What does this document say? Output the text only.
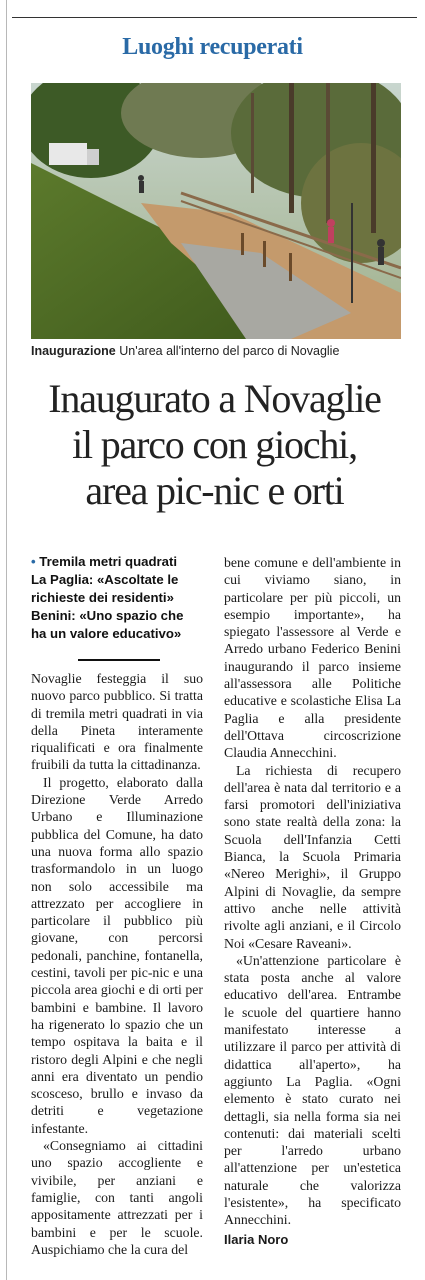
Luoghi recuperati
Inaugurazione Un'area all'interno del parco di Novaglie
Inaugurato a Novaglie
il parco con giochi,
area pic-nic e orti
• Tremila metri quadrati
La Paglia: «Ascoltate le richieste dei residenti»
Benini: «Uno spazio che ha un valore educativo»

Novaglie festeggia il suo nuovo parco pubblico. Si tratta di tremila metri quadrati in via della Pineta interamente riqualificati e ora finalmente fruibili da tutta la cittadinanza.

Il progetto, elaborato dalla Direzione Verde Arredo Urbano e Illuminazione pubblica del Comune, ha dato una nuova forma allo spazio trasformandolo in un luogo non solo accessibile ma attrezzato per accogliere in particolare il pubblico più giovane, con percorsi pedonali, panchine, fontanella, cestini, tavoli per pic-nic e una piccola area giochi e di orti per bambini e bambine. Il lavoro ha rigenerato lo spazio che un tempo ospitava la baita e il ristoro degli Alpini e che negli anni era diventato un pendio scosceso, brullo e invaso da detriti e vegetazione infestante.

«Consegniamo ai cittadini uno spazio accogliente e vivibile, per anziani e famiglie, con tanti angoli appositamente attrezzati per i bambini e per le scuole. Auspichiamo che la cura del

bene comune e dell'ambiente in cui viviamo siano, in particolare per più piccoli, un esempio importante», ha spiegato l'assessore al Verde e Arredo urbano Federico Benini inaugurando il parco insieme all'assessora alle Politiche educative e scolastiche Elisa La Paglia e alla presidente dell'Ottava circoscrizione Claudia Annecchini.

La richiesta di recupero dell'area è nata dal territorio e a farsi promotori dell'iniziativa sono state realtà della zona: la Scuola dell'Infanzia Cetti Bianca, la Scuola Primaria «Nereo Merighi», il Gruppo Alpini di Novaglie, da sempre attivo anche nelle attività rivolte agli anziani, e il Circolo Noi «Cesare Raveani».

«Un'attenzione particolare è stata posta anche al valore educativo dell'area. Entrambe le scuole del quartiere hanno manifestato interesse a utilizzare il parco per attività di didattica all'aperto», ha aggiunto La Paglia. «Ogni elemento è stato curato nei dettagli, sia nella forma sia nei contenuti: dai materiali scelti per l'arredo urbano all'attenzione per un'estetica naturale che valorizza l'esistente», ha specificato Annecchini.

Ilaria Noro
